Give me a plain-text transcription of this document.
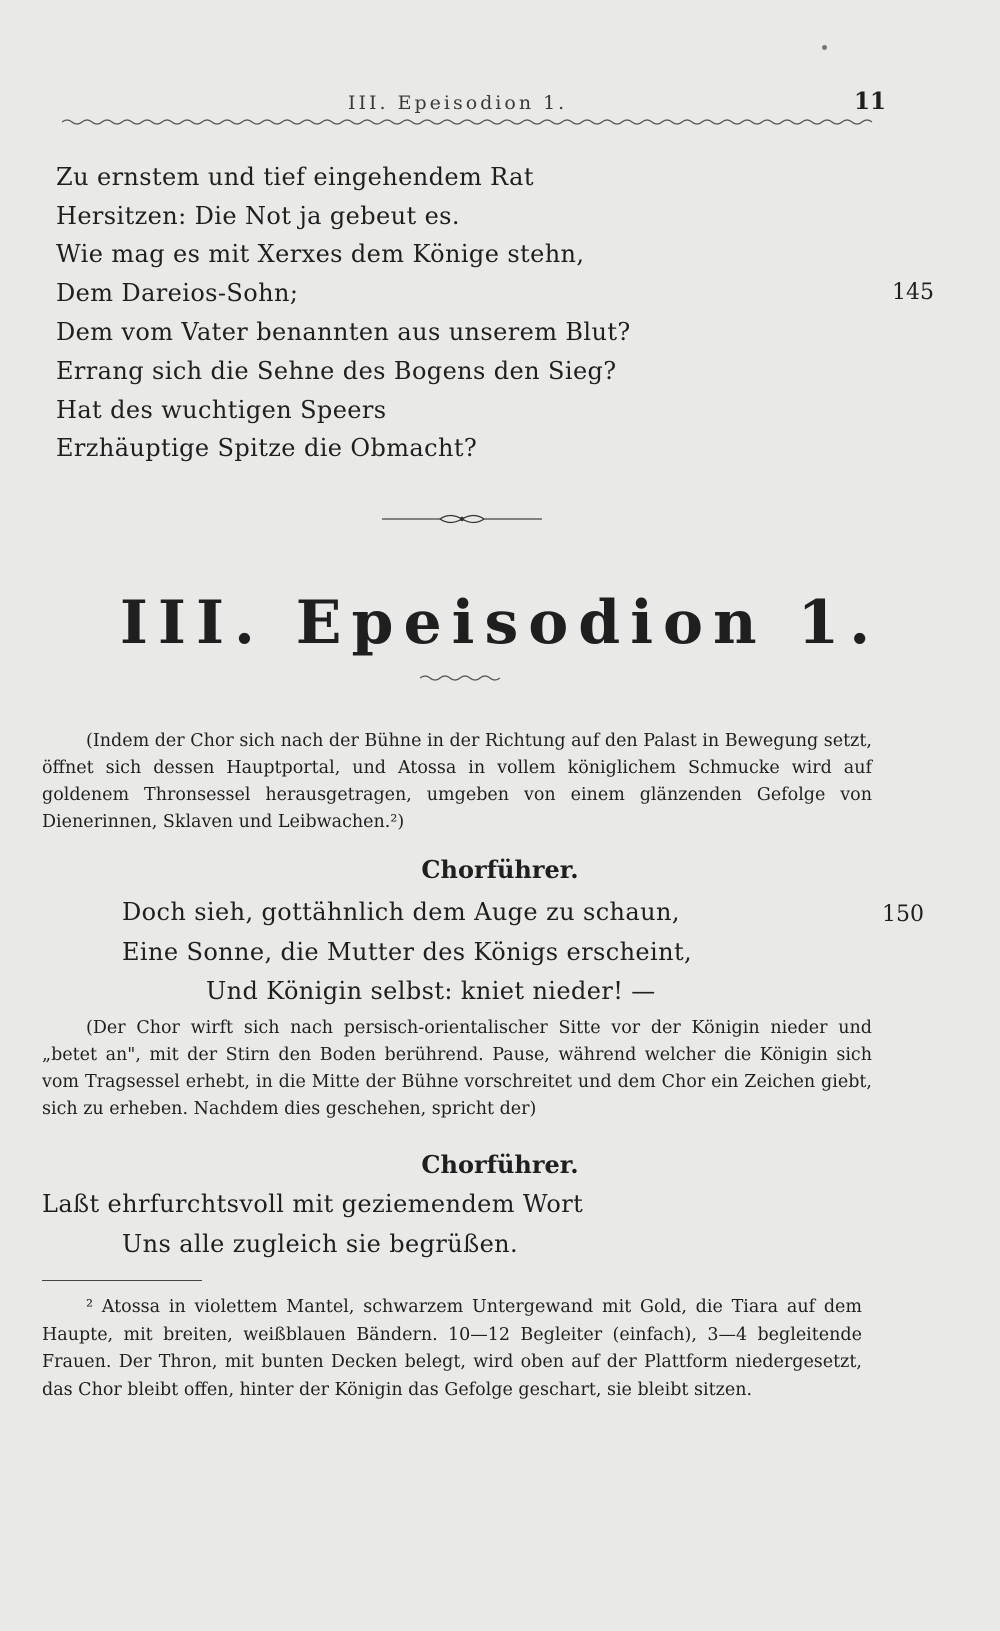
III. Epeisodion 1.	11
Zu ernstem und tief eingehendem Rat
Hersitzen: Die Not ja gebeut es.
Wie mag es mit Xerxes dem Könige stehn,
Dem Dareios-Sohn;
Dem vom Vater benannten aus unserem Blut?
Errang sich die Sehne des Bogens den Sieg?
Hat des wuchtigen Speers
Erzhäuptige Spitze die Obmacht?
145
III. Epeisodion 1.
(Indem der Chor sich nach der Bühne in der Richtung auf den Palast in Bewegung setzt, öffnet sich dessen Hauptportal, und Atossa in vollem königlichem Schmucke wird auf goldenem Thronsessel herausgetragen, umgeben von einem glänzenden Gefolge von Dienerinnen, Sklaven und Leibwachen.²)
Chorführer.
Doch sieh, gottähnlich dem Auge zu schaun,
Eine Sonne, die Mutter des Königs erscheint,
Und Königin selbst: kniet nieder! —
150
(Der Chor wirft sich nach persisch-orientalischer Sitte vor der Königin nieder und „betet an", mit der Stirn den Boden berührend. Pause, während welcher die Königin sich vom Tragsessel erhebt, in die Mitte der Bühne vorschreitet und dem Chor ein Zeichen giebt, sich zu erheben. Nachdem dies geschehen, spricht der)
Chorführer.
Laßt ehrfurchtsvoll mit geziemendem Wort
Uns alle zugleich sie begrüßen.
² Atossa in violettem Mantel, schwarzem Untergewand mit Gold, die Tiara auf dem Haupte, mit breiten, weißblauen Bändern. 10—12 Begleiter (einfach), 3—4 begleitende Frauen. Der Thron, mit bunten Decken belegt, wird oben auf der Plattform niedergesetzt, das Chor bleibt offen, hinter der Königin das Gefolge geschart, sie bleibt sitzen.
